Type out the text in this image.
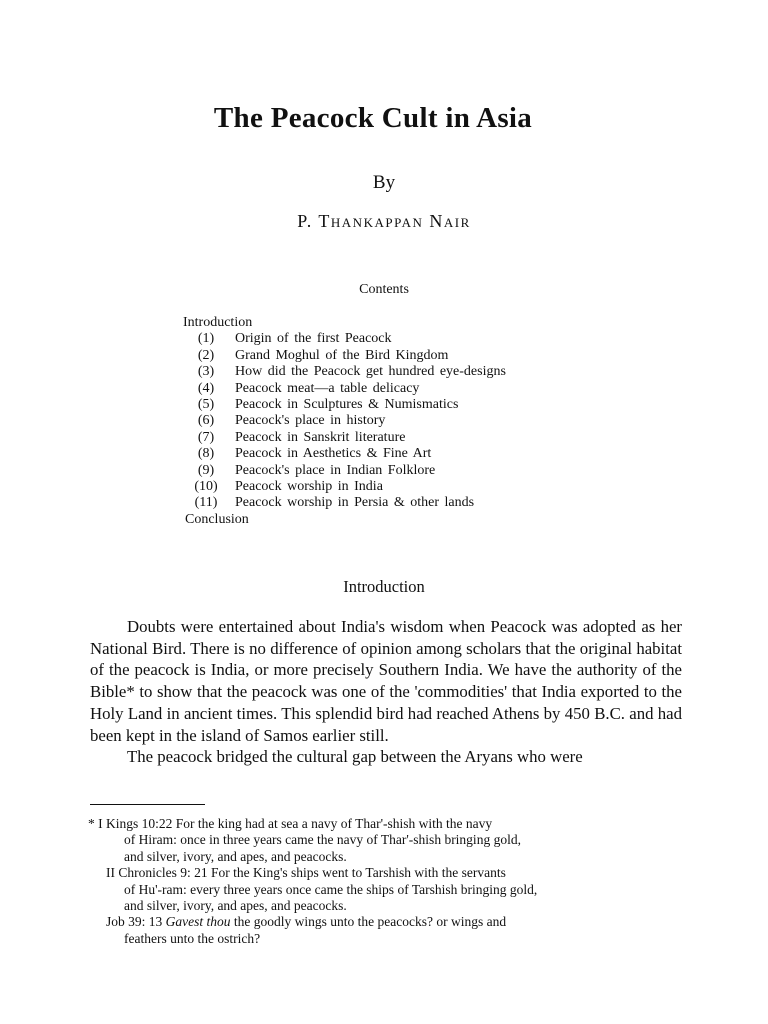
The Peacock Cult in Asia
By
P. Thankappan Nair
Contents
Introduction
(1)	Origin of the first Peacock
(2)	Grand Moghul of the Bird Kingdom
(3)	How did the Peacock get hundred eye-designs
(4)	Peacock meat—a table delicacy
(5)	Peacock in Sculptures & Numismatics
(6)	Peacock's place in history
(7)	Peacock in Sanskrit literature
(8)	Peacock in Aesthetics & Fine Art
(9)	Peacock's place in Indian Folklore
(10)	Peacock worship in India
(11)	Peacock worship in Persia & other lands
Conclusion
Introduction

Doubts were entertained about India's wisdom when Peacock was adopted as her National Bird. There is no difference of opinion among scholars that the original habitat of the peacock is India, or more precisely Southern India. We have the authority of the Bible* to show that the peacock was one of the 'commodities' that India exported to the Holy Land in ancient times. This splendid bird had reached Athens by 450 B.C. and had been kept in the island of Samos earlier still.

The peacock bridged the cultural gap between the Aryans who were

* I Kings 10:22 For the king had at sea a navy of Thar'-shish with the navy
of Hiram: once in three years came the navy of Thar'-shish bringing gold,
and silver, ivory, and apes, and peacocks.
II Chronicles 9: 21 For the King's ships went to Tarshish with the servants
of Hu'-ram: every three years once came the ships of Tarshish bringing gold,
and silver, ivory, and apes, and peacocks.
Job 39: 13 Gavest thou the goodly wings unto the peacocks? or wings and
feathers unto the ostrich?
